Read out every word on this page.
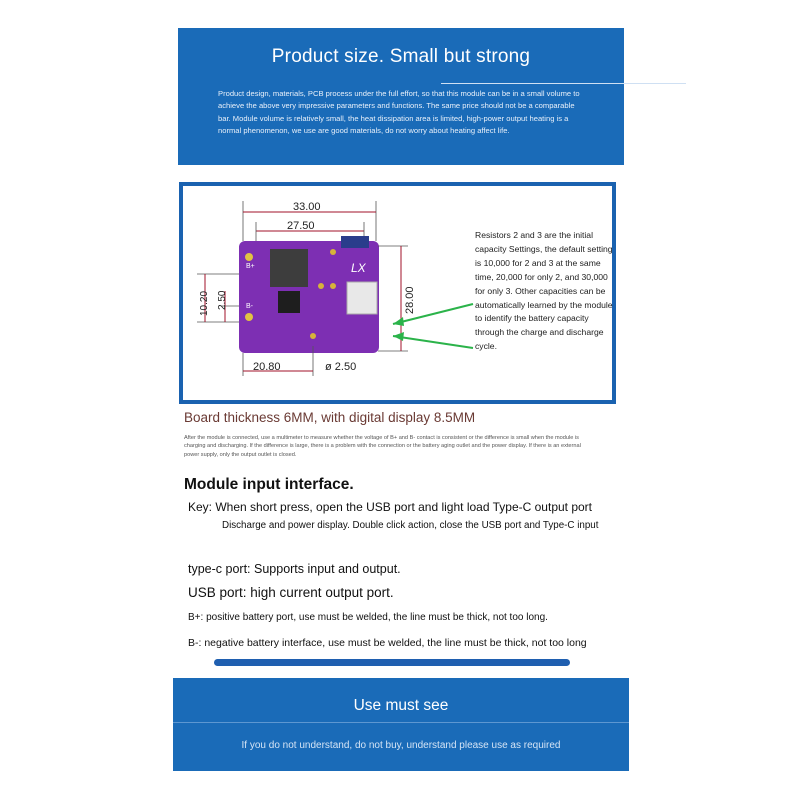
Product size. Small but strong
Product design, materials, PCB process under the full effort, so that this module can be in a small volume to achieve the above very impressive parameters and functions. The same price should not be a comparable bar. Module volume is relatively small, the heat dissipation area is limited, high-power output heating is a normal phenomenon, we use are good materials, do not worry about heating affect life.
33.00
27.50
B+
B-
LX
28.00
10.20 2.50
20.80	ø 2.50
Resistors 2 and 3 are the initial capacity Settings, the default setting is 10,000 for 2 and 3 at the same time, 20,000 for only 2, and 30,000 for only 3. Other capacities can be automatically learned by the module to identify the battery capacity through the charge and discharge cycle.
Board thickness 6MM, with digital display 8.5MM
After the module is connected, use a multimeter to measure whether the voltage of B+ and B- contact is consistent or the difference is small when the module is charging and discharging. If the difference is large, there is a problem with the connection or the battery aging outlet and the power display. If there is an external power supply, only the output outlet is closed.
Module input interface.
Key: When short press, open the USB port and light load Type-C output port
Discharge and power display. Double click action, close the USB port and Type-C input
type-c port: Supports input and output.
USB port: high current output port.
B+: positive battery port, use must be welded, the line must be thick, not too long.
B-: negative battery interface, use must be welded, the line must be thick, not too long
Use must see
If you do not understand, do not buy, understand please use as required
